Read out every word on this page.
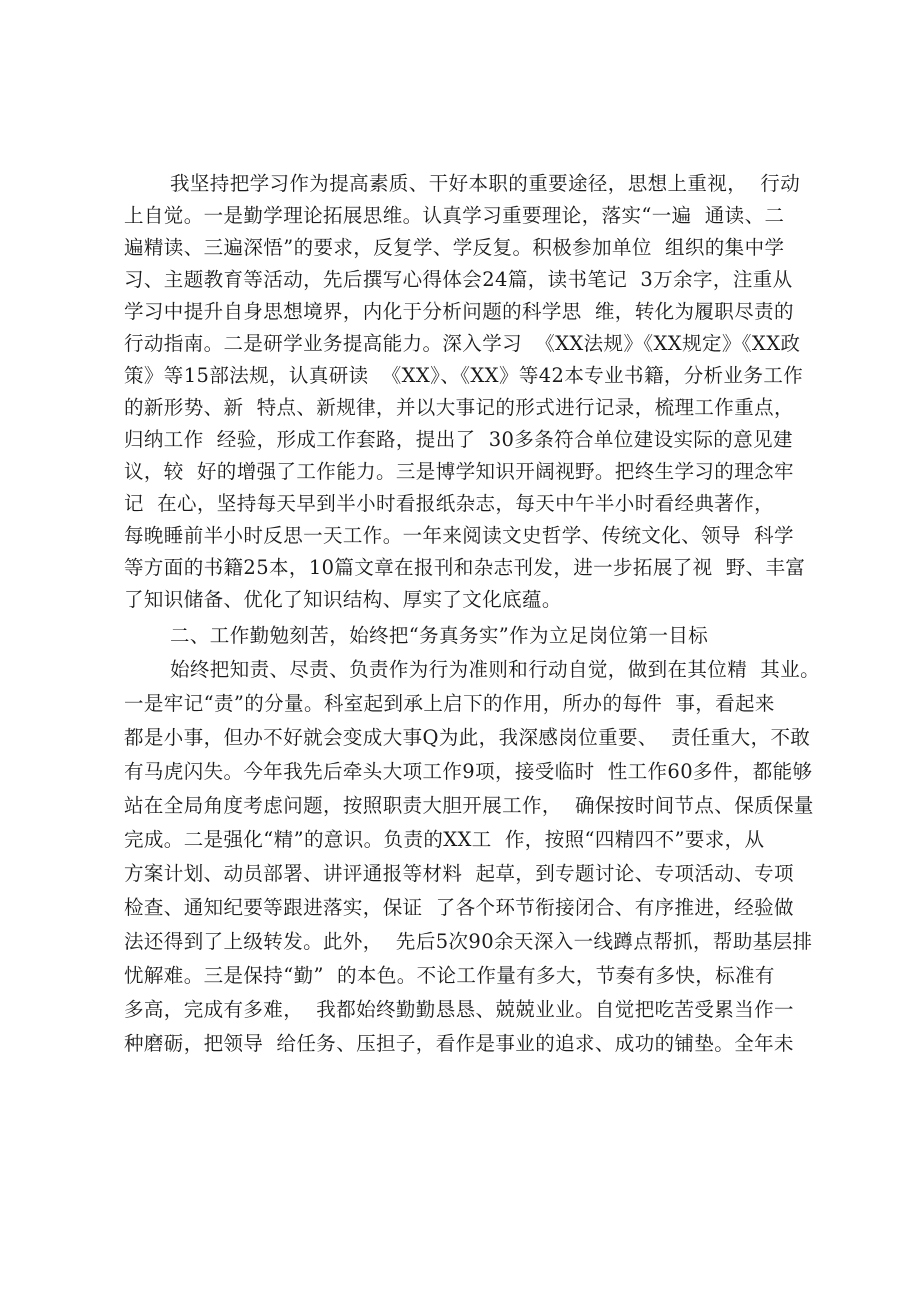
我坚持把学习作为提高素质、干好本职的重要途径，思想上重视，  行动
上自觉。一是勤学理论拓展思维。认真学习重要理论，落实“一遍  通读、二
遍精读、三遍深悟”的要求，反复学、学反复。积极参加单位  组织的集中学
习、主题教育等活动，先后撰写心得体会24篇，读书笔记  3万余字，注重从
学习中提升自身思想境界，内化于分析问题的科学思  维，转化为履职尽责的
行动指南。二是研学业务提高能力。深入学习  《XX法规》《XX规定》《XX政
策》等15部法规，认真研读  《XX》、《XX》等42本专业书籍，分析业务工作
的新形势、新  特点、新规律，并以大事记的形式进行记录，梳理工作重点，
归纳工作  经验，形成工作套路，提出了  30多条符合单位建设实际的意见建
议，较  好的增强了工作能力。三是博学知识开阔视野。把终生学习的理念牢
记  在心，坚持每天早到半小时看报纸杂志，每天中午半小时看经典著作，
每晚睡前半小时反思一天工作。一年来阅读文史哲学、传统文化、领导  科学
等方面的书籍25本，10篇文章在报刊和杂志刊发，进一步拓展了视  野、丰富
了知识储备、优化了知识结构、厚实了文化底蕴。
二、工作勤勉刻苦，始终把“务真务实”作为立足岗位第一目标
始终把知责、尽责、负责作为行为准则和行动自觉，做到在其位精  其业。
一是牢记“责”的分量。科室起到承上启下的作用，所办的每件  事，看起来
都是小事，但办不好就会变成大事Q为此，我深感岗位重要、  责任重大，不敢
有马虎闪失。今年我先后牵头大项工作9项，接受临时  性工作60多件，都能够
站在全局角度考虑问题，按照职责大胆开展工作，  确保按时间节点、保质保量
完成。二是强化“精”的意识。负责的XX工  作，按照“四精四不”要求，从
方案计划、动员部署、讲评通报等材料  起草，到专题讨论、专项活动、专项
检查、通知纪要等跟进落实，保证  了各个环节衔接闭合、有序推进，经验做
法还得到了上级转发。此外，  先后5次90余天深入一线蹲点帮抓，帮助基层排
忧解难。三是保持“勤”  的本色。不论工作量有多大，节奏有多快，标准有
多高，完成有多难，  我都始终勤勤恳恳、兢兢业业。自觉把吃苦受累当作一
种磨砺，把领导  给任务、压担子，看作是事业的追求、成功的铺垫。全年未
